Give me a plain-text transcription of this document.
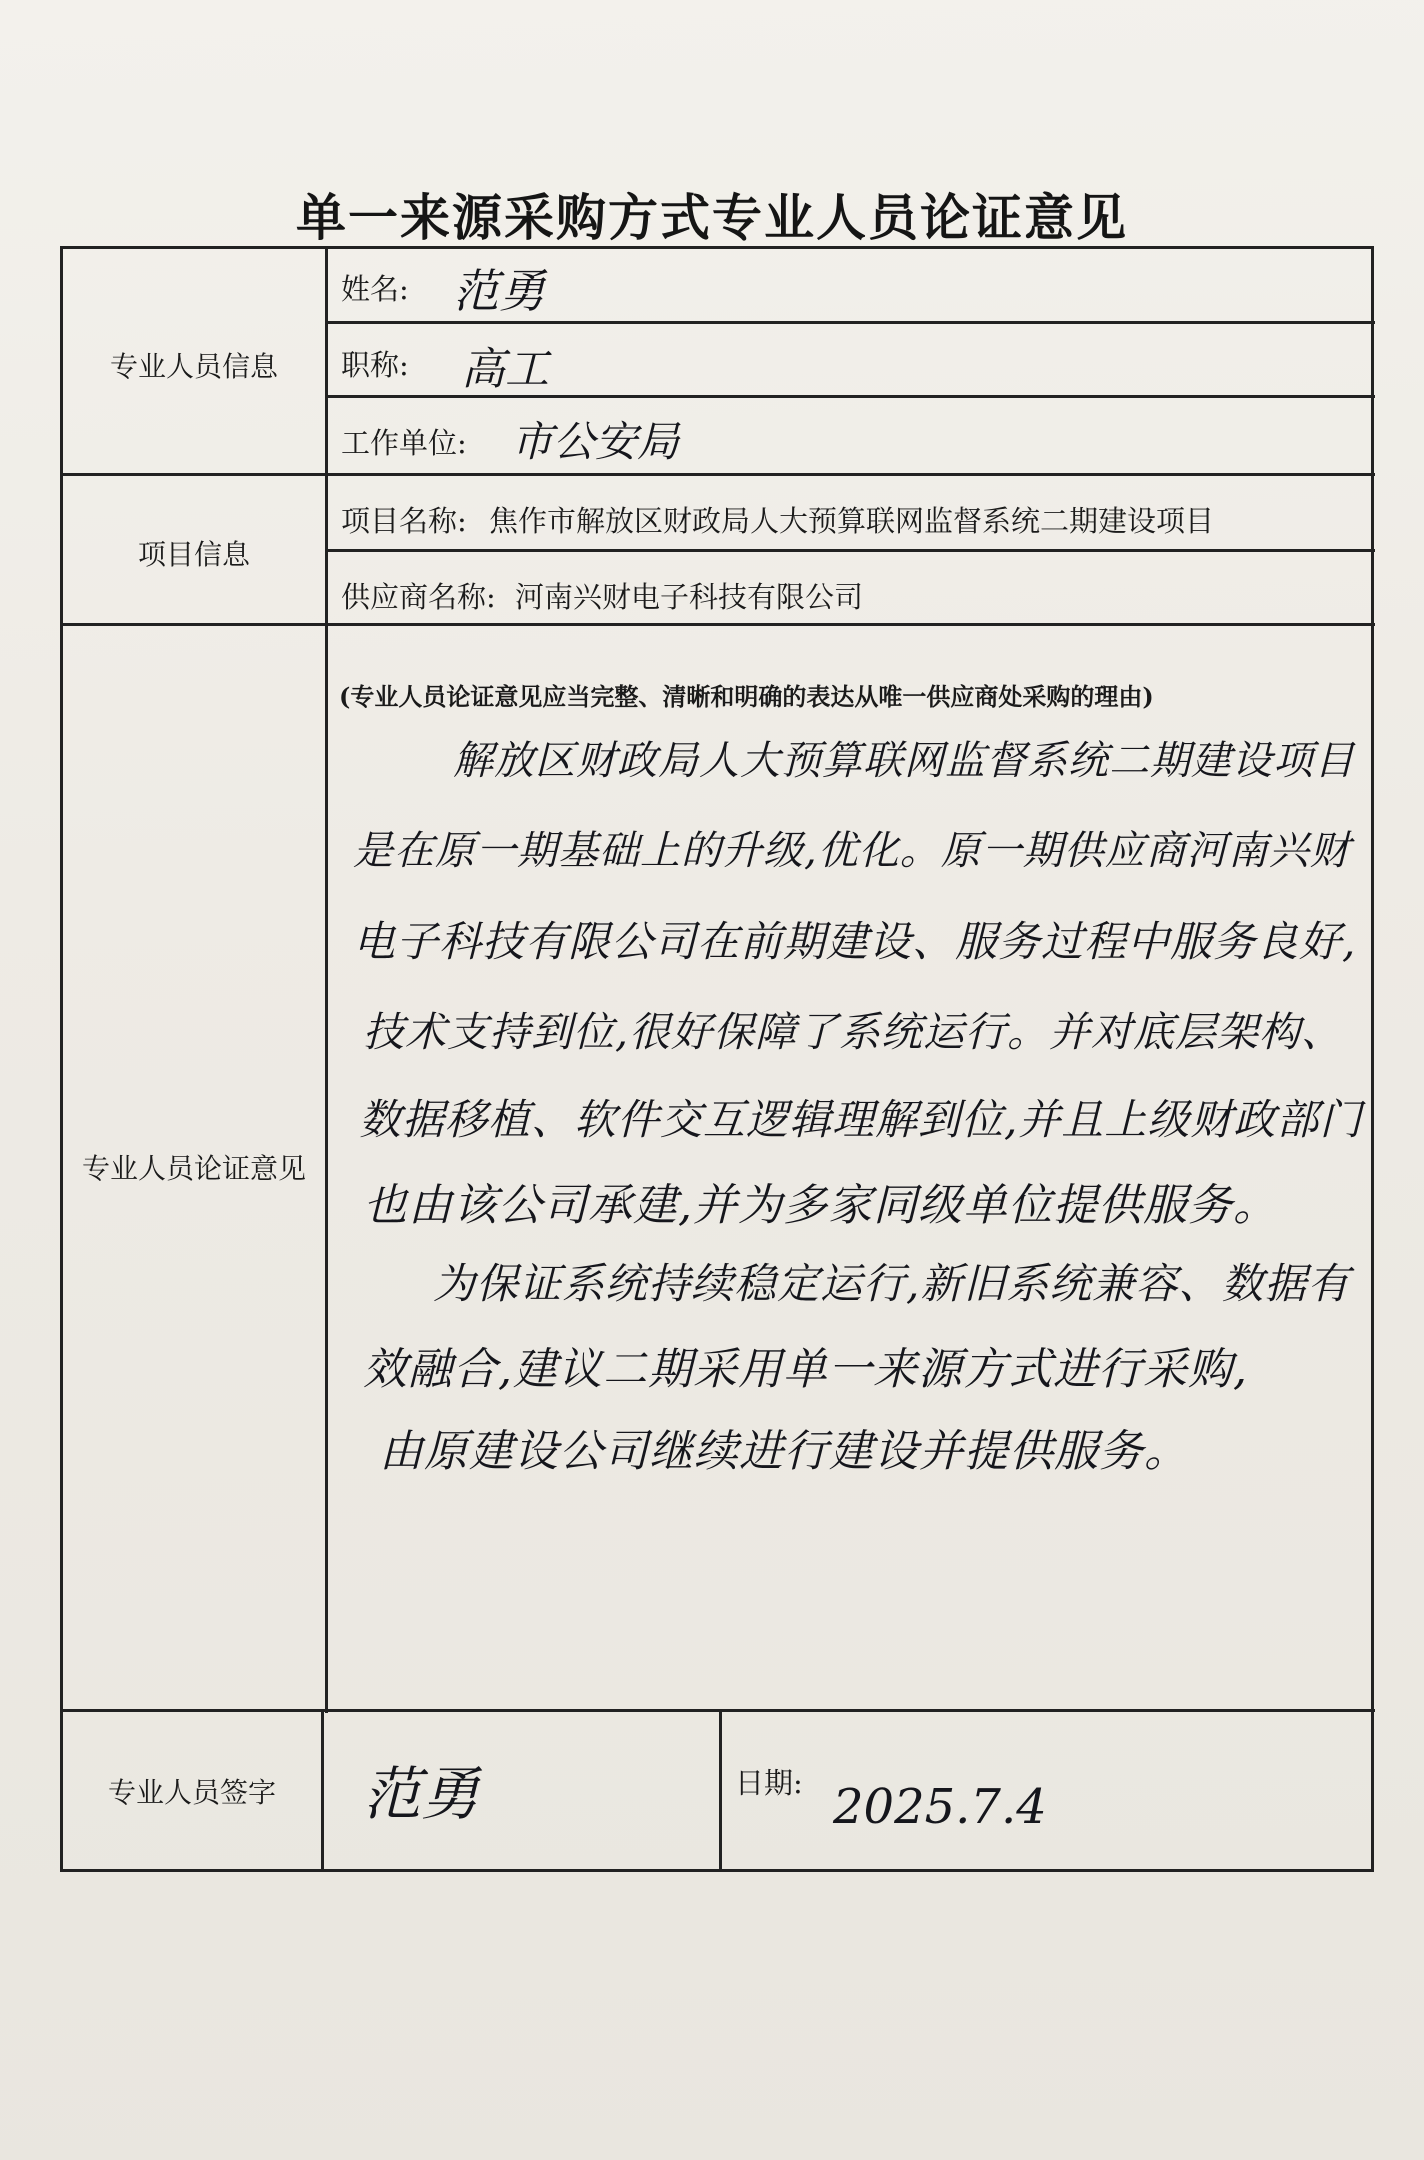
单一来源采购方式专业人员论证意见
专业人员信息
项目信息
专业人员论证意见
专业人员签字
姓名: 范勇
职称: 高工
工作单位: 市公安局
项目名称: 焦作市解放区财政局人大预算联网监督系统二期建设项目
供应商名称: 河南兴财电子科技有限公司
(专业人员论证意见应当完整、清晰和明确的表达从唯一供应商处采购的理由)
解放区财政局人大预算联网监督系统二期建设项目
是在原一期基础上的升级,优化。原一期供应商河南兴财
电子科技有限公司在前期建设、服务过程中服务良好,
技术支持到位,很好保障了系统运行。并对底层架构、
数据移植、软件交互逻辑理解到位,并且上级财政部门
也由该公司承建,并为多家同级单位提供服务。
为保证系统持续稳定运行,新旧系统兼容、数据有
效融合,建议二期采用单一来源方式进行采购,
由原建设公司继续进行建设并提供服务。
范勇	日期: 2025.7.4
